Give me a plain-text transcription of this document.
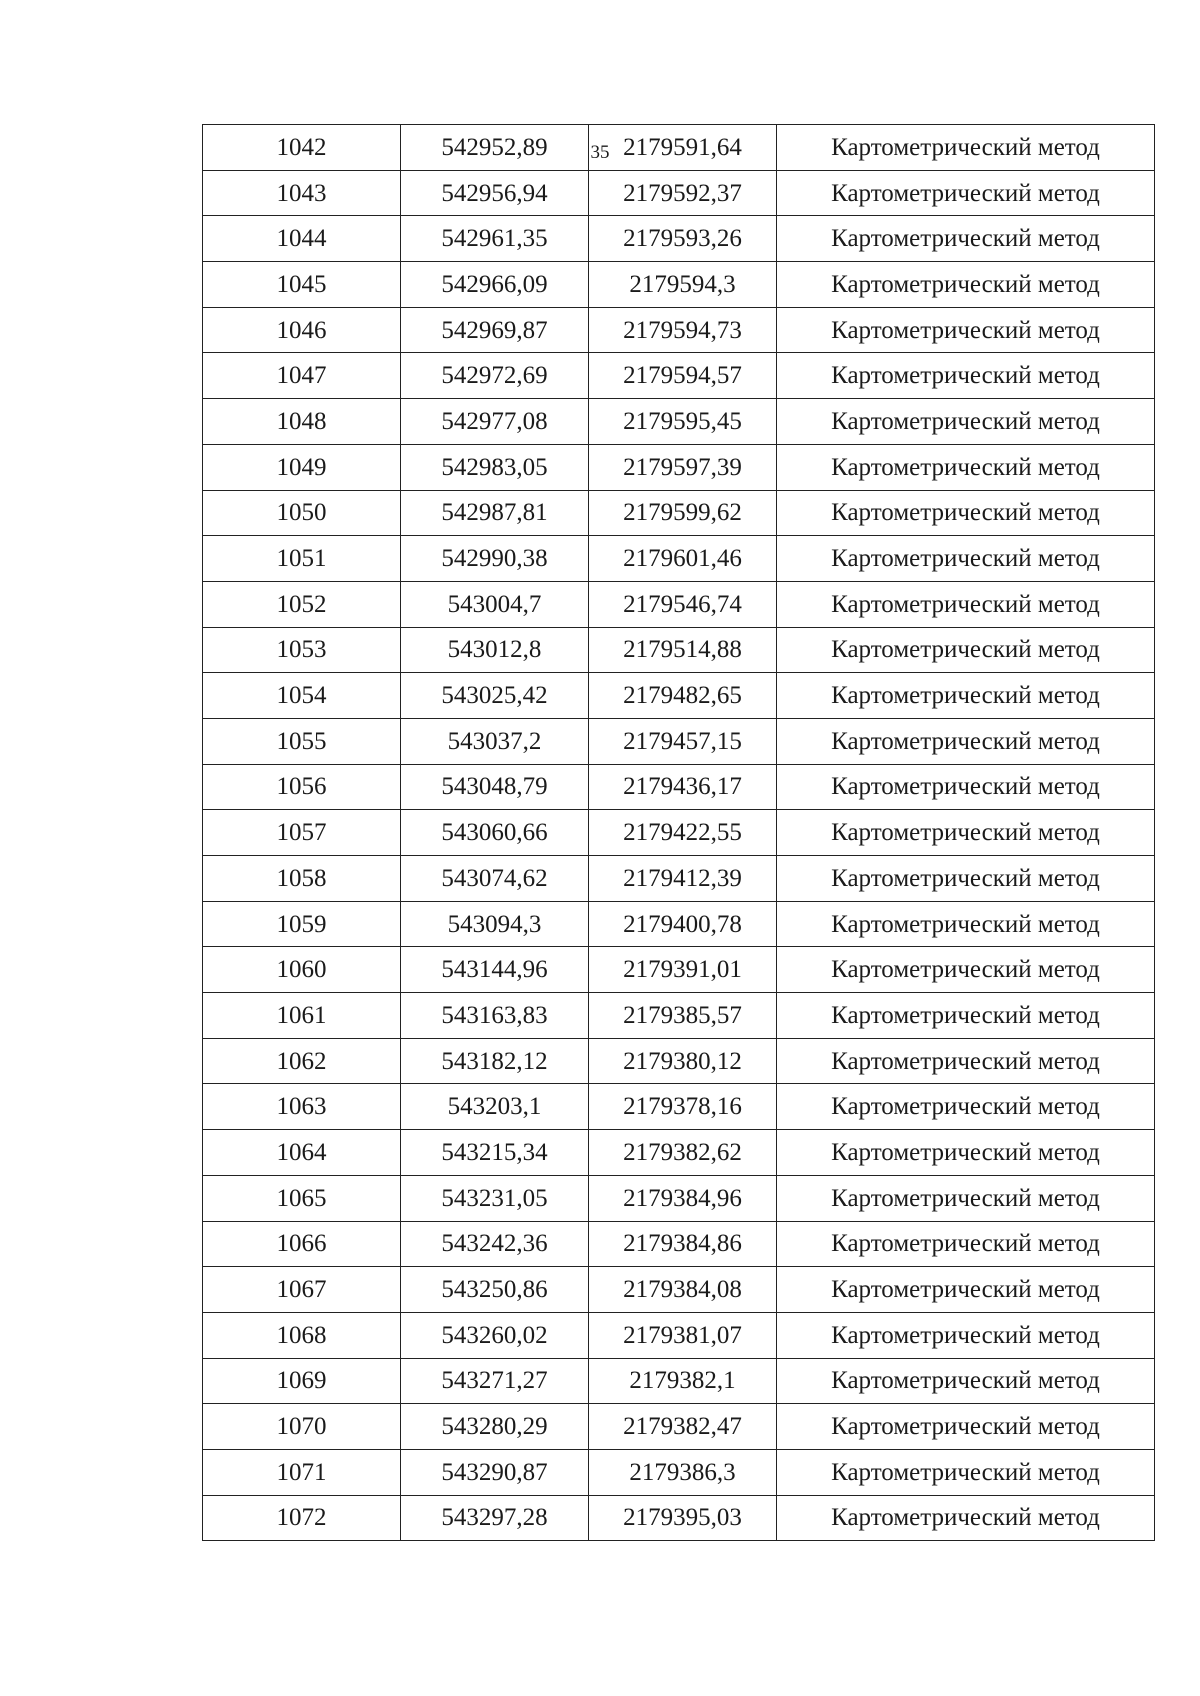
35
1042	542952,89	2179591,64	Картометрический метод
1043	542956,94	2179592,37	Картометрический метод
1044	542961,35	2179593,26	Картометрический метод
1045	542966,09	2179594,3	Картометрический метод
1046	542969,87	2179594,73	Картометрический метод
1047	542972,69	2179594,57	Картометрический метод
1048	542977,08	2179595,45	Картометрический метод
1049	542983,05	2179597,39	Картометрический метод
1050	542987,81	2179599,62	Картометрический метод
1051	542990,38	2179601,46	Картометрический метод
1052	543004,7	2179546,74	Картометрический метод
1053	543012,8	2179514,88	Картометрический метод
1054	543025,42	2179482,65	Картометрический метод
1055	543037,2	2179457,15	Картометрический метод
1056	543048,79	2179436,17	Картометрический метод
1057	543060,66	2179422,55	Картометрический метод
1058	543074,62	2179412,39	Картометрический метод
1059	543094,3	2179400,78	Картометрический метод
1060	543144,96	2179391,01	Картометрический метод
1061	543163,83	2179385,57	Картометрический метод
1062	543182,12	2179380,12	Картометрический метод
1063	543203,1	2179378,16	Картометрический метод
1064	543215,34	2179382,62	Картометрический метод
1065	543231,05	2179384,96	Картометрический метод
1066	543242,36	2179384,86	Картометрический метод
1067	543250,86	2179384,08	Картометрический метод
1068	543260,02	2179381,07	Картометрический метод
1069	543271,27	2179382,1	Картометрический метод
1070	543280,29	2179382,47	Картометрический метод
1071	543290,87	2179386,3	Картометрический метод
1072	543297,28	2179395,03	Картометрический метод
